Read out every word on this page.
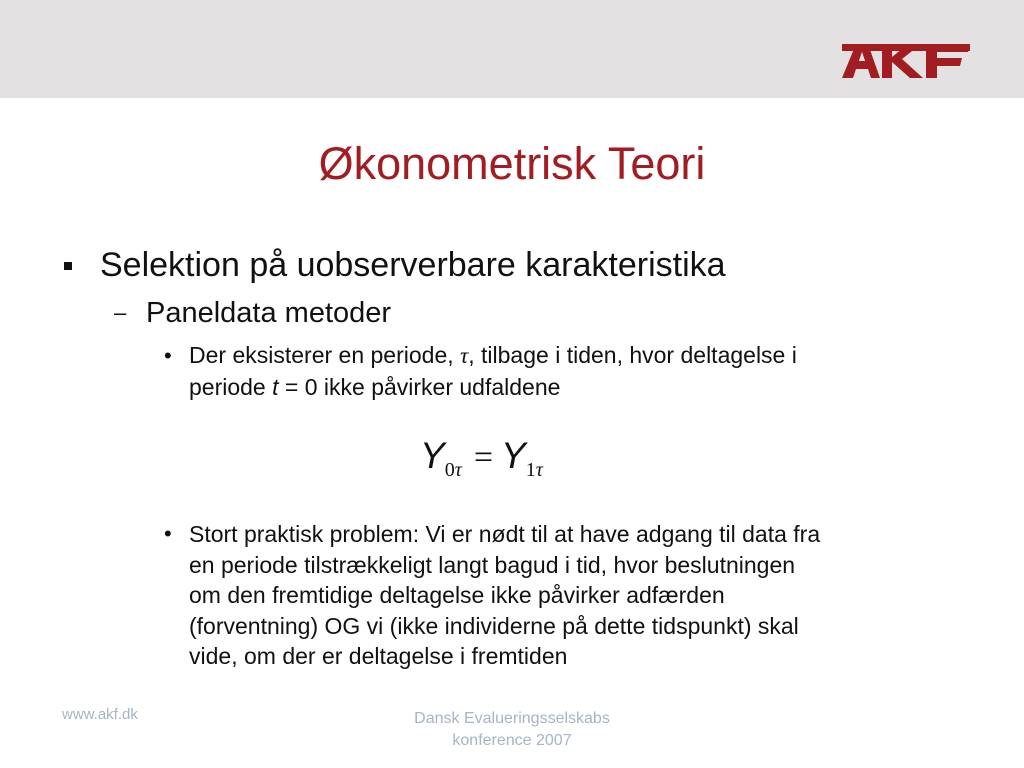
Økonometrisk Teori
Selektion på uobserverbare karakteristika
– Paneldata metoder
• Der eksisterer en periode, τ, tilbage i tiden, hvor deltagelse i
periode t = 0 ikke påvirker udfaldene
Y0τ = Y1τ
• Stort praktisk problem: Vi er nødt til at have adgang til data fra
en periode tilstrækkeligt langt bagud i tid, hvor beslutningen
om den fremtidige deltagelse ikke påvirker adfærden
(forventning) OG vi (ikke individerne på dette tidspunkt) skal
vide, om der er deltagelse i fremtiden
www.akf.dk	Dansk Evalueringsselskabs
konference 2007
